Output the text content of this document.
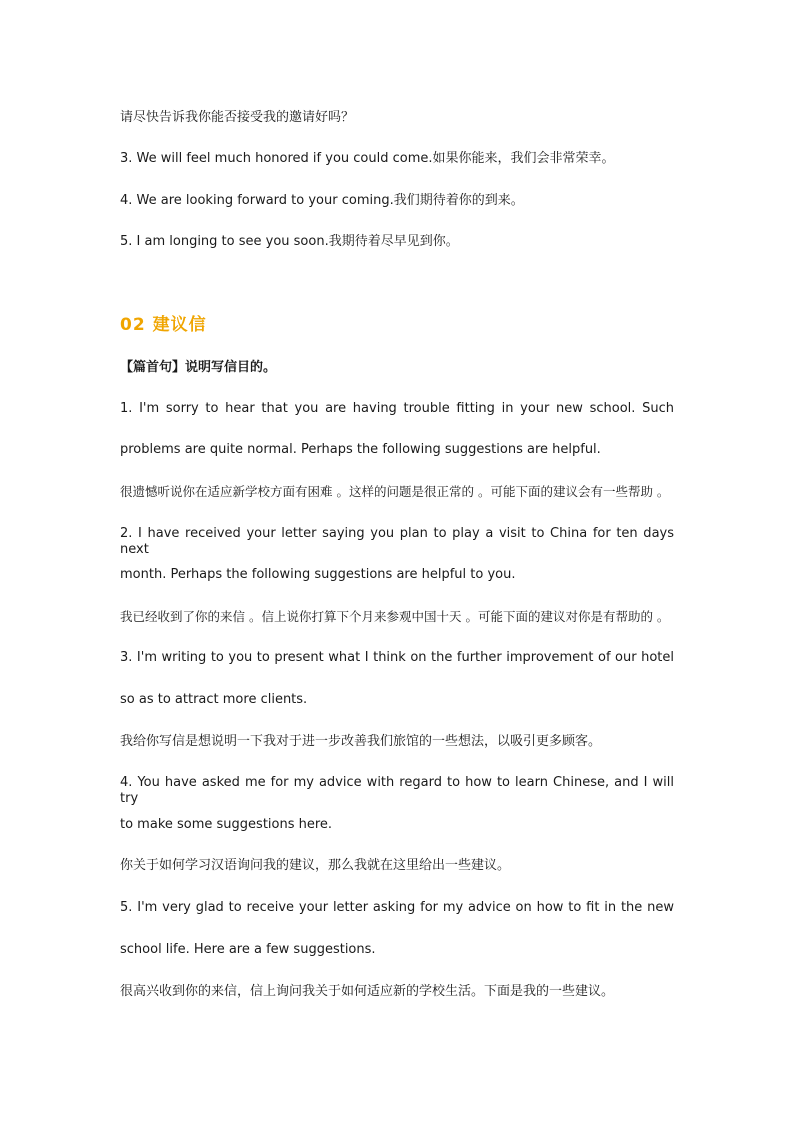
请尽快告诉我你能否接受我的邀请好吗？
3. We will feel much honored if you could come.如果你能来，我们会非常荣幸。
4. We are looking forward to your coming.我们期待着你的到来。
5. I am longing to see you soon.我期待着尽早见到你。
02 建议信
【篇首句】说明写信目的。
1. I'm sorry to hear that you are having trouble fitting in your new school. Such
problems are quite normal. Perhaps the following suggestions are helpful.
很遗憾听说你在适应新学校方面有困难 。这样的问题是很正常的 。可能下面的建议会有一些帮助 。
2. I have received your letter saying you plan to play a visit to China for ten days next
month. Perhaps the following suggestions are helpful to you.
我已经收到了你的来信 。信上说你打算下个月来参观中国十天 。可能下面的建议对你是有帮助的 。
3. I'm writing to you to present what I think on the further improvement of our hotel
so as to attract more clients.
我给你写信是想说明一下我对于进一步改善我们旅馆的一些想法，以吸引更多顾客。
4. You have asked me for my advice with regard to how to learn Chinese, and I will try
to make some suggestions here.
你关于如何学习汉语询问我的建议，那么我就在这里给出一些建议。
5. I'm very glad to receive your letter asking for my advice on how to fit in the new
school life. Here are a few suggestions.
很高兴收到你的来信，信上询问我关于如何适应新的学校生活。下面是我的一些建议。
